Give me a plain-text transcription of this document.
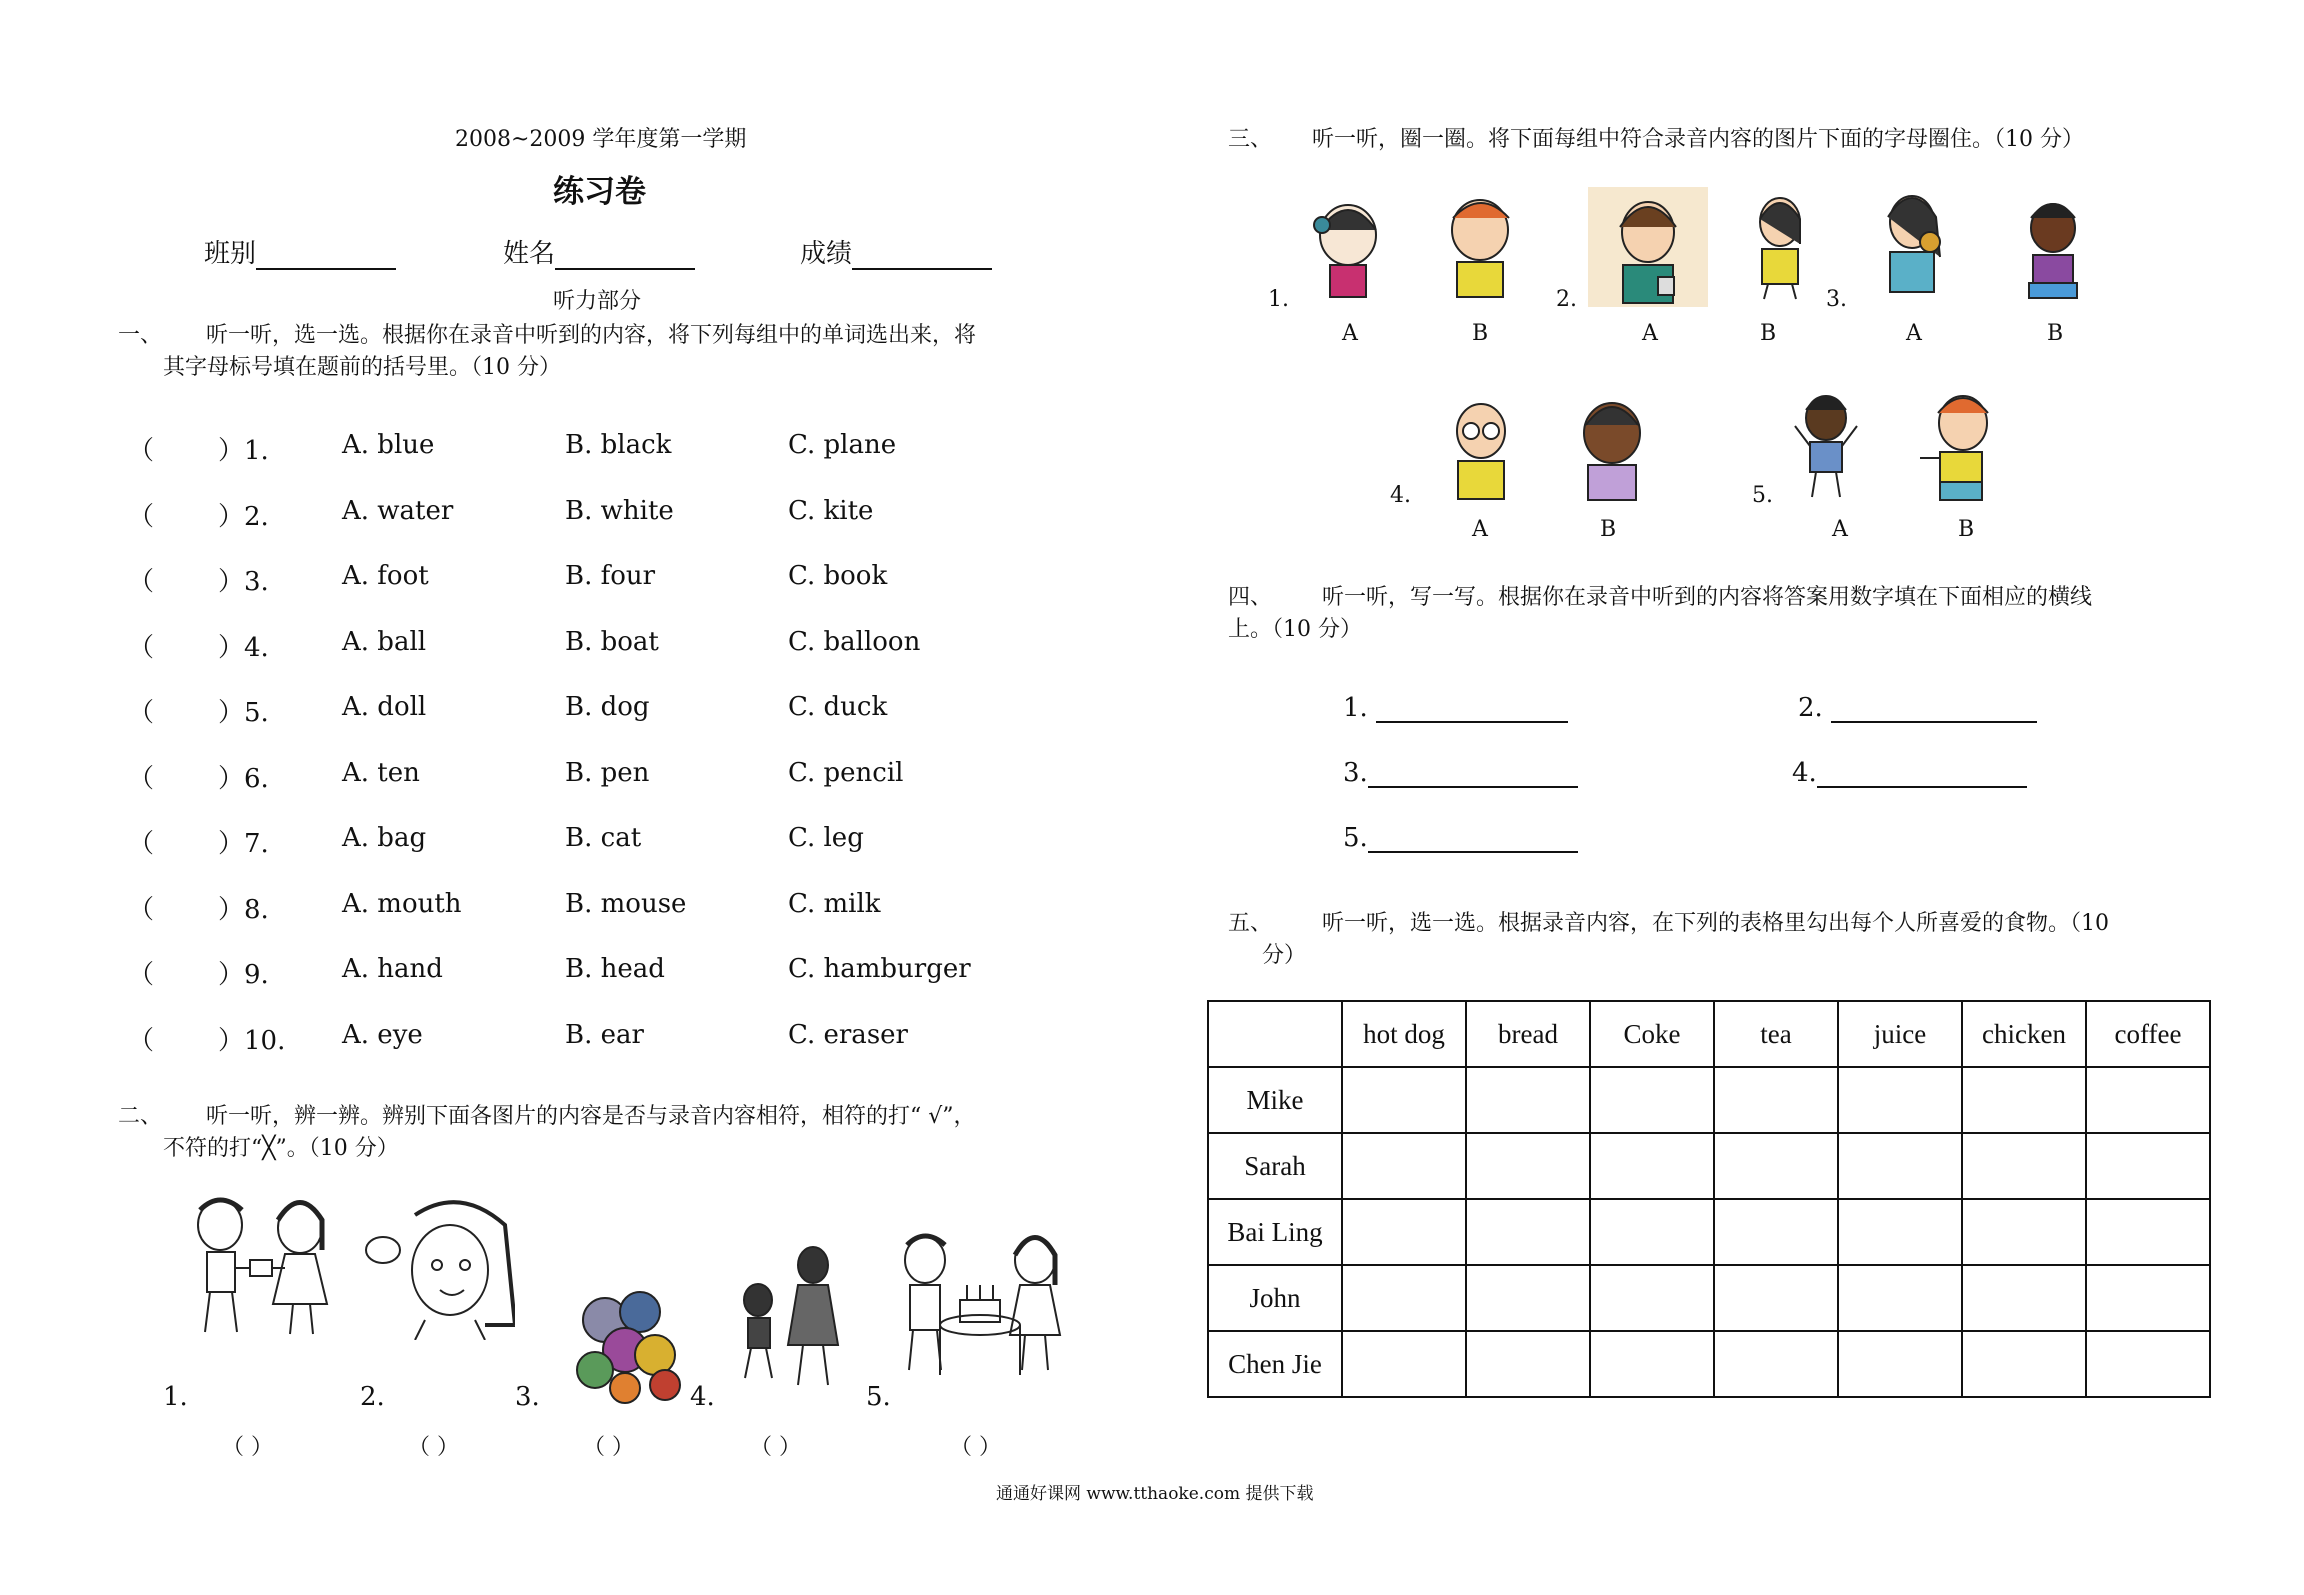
2008~2009 学年度第一学期
练习卷
班别	姓名	成绩
听力部分
一、 听一听，选一选。根据你在录音中听到的内容，将下列每组中的单词选出来，将
其字母标号填在题前的括号里。（10 分）
（ ）1.	A. blue	B. black	C. plane
（ ）2.	A. water	B. white	C. kite
（ ）3.	A. foot	B. four	C. book
（ ）4.	A. ball	B. boat	C. balloon
（ ）5.	A. doll	B. dog	C. duck
（ ）6.	A. ten	B. pen	C. pencil
（ ）7.	A. bag	B. cat	C. leg
（ ）8.	A. mouth	B. mouse	C. milk
（ ）9.	A. hand	B. head	C. hamburger
（ ）10. A. eye	B. ear	C. eraser
二、 听一听，辨一辨。辨别下面各图片的内容是否与录音内容相符，相符的打“ √”，
不符的打“╳”。（10 分）
1.	2.	3.	4.	5.
（ ）	（ ）	（ ）	（ ）	（ ）
三、 听一听，圈一圈。将下面每组中符合录音内容的图片下面的字母圈住。（10 分）
1.	2.	3.
A	B	A	B	A	B
4.	5.
A	B	A	B
四、 听一听，写一写。根据你在录音中听到的内容将答案用数字填在下面相应的横线
上。（10 分）
1.	2.
3.	4.
5.
五、 听一听，选一选。根据录音内容，在下列的表格里勾出每个人所喜爱的食物。（10
分）
	hot dog	bread	Coke	tea	juice	chicken	coffee
Mike							
Sarah							
Bai Ling							
John							
Chen Jie							
通通好课网 www.tthaoke.com 提供下载
